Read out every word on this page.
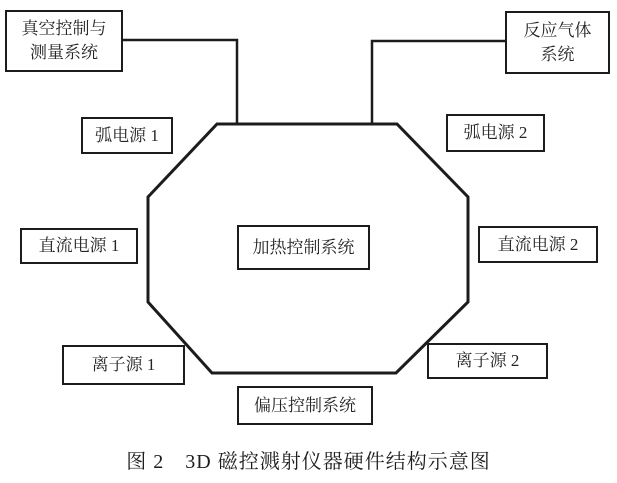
真空控制与
测量系统
反应气体
系统
弧电源 1	弧电源 2
直流电源 1	直流电源 2
离子源 1	离子源 2
加热控制系统
偏压控制系统
图 2　3D 磁控溅射仪器硬件结构示意图
